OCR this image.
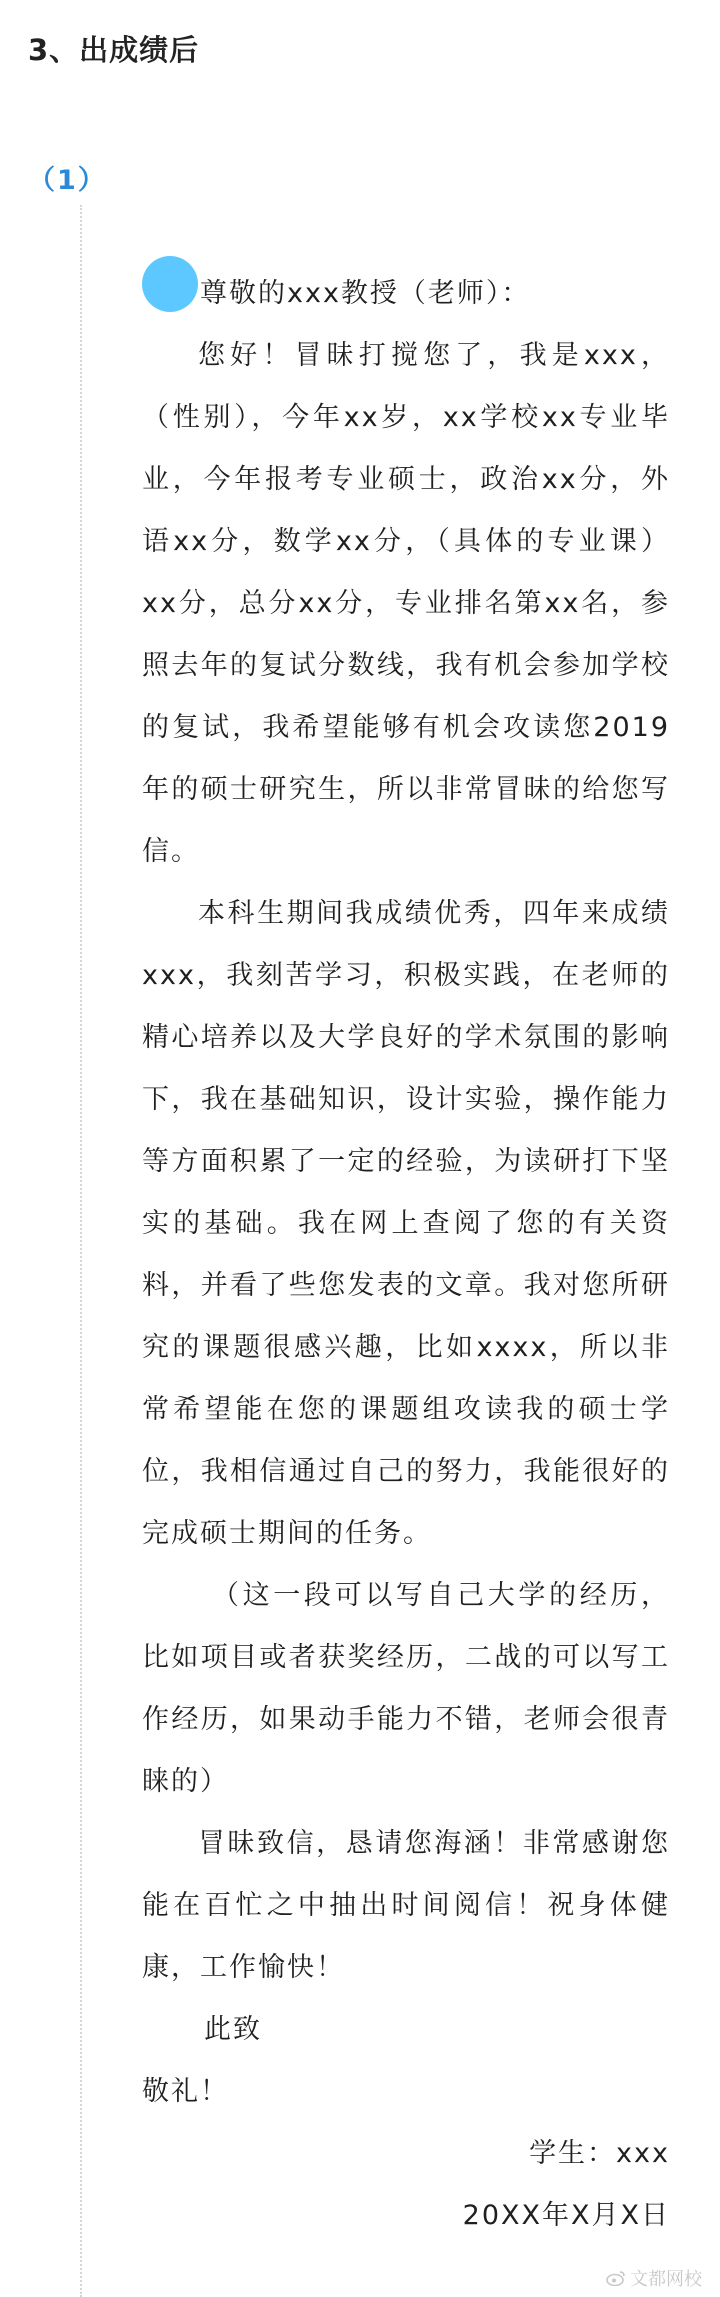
3、出成绩后
（1）

尊敬的xxx教授（老师）：

您好！冒昧打搅您了，我是xxx，（性别），今年xx岁，xx学校xx专业毕业，今年报考专业硕士，政治xx分，外语xx分，数学xx分，（具体的专业课）xx分，总分xx分，专业排名第xx名，参照去年的复试分数线，我有机会参加学校的复试，我希望能够有机会攻读您2019年的硕士研究生，所以非常冒昧的给您写信。

本科生期间我成绩优秀，四年来成绩xxx，我刻苦学习，积极实践，在老师的精心培养以及大学良好的学术氛围的影响下，我在基础知识，设计实验，操作能力等方面积累了一定的经验，为读研打下坚实的基础。我在网上查阅了您的有关资料，并看了些您发表的文章。我对您所研究的课题很感兴趣，比如xxxx，所以非常希望能在您的课题组攻读我的硕士学位，我相信通过自己的努力，我能很好的完成硕士期间的任务。

（这一段可以写自己大学的经历，比如项目或者获奖经历，二战的可以写工作经历，如果动手能力不错，老师会很青睐的）

冒昧致信，恳请您海涵！非常感谢您能在百忙之中抽出时间阅信！祝身体健康，工作愉快！

此致

敬礼！

学生：xxx

20XX年X月X日

文都网校
